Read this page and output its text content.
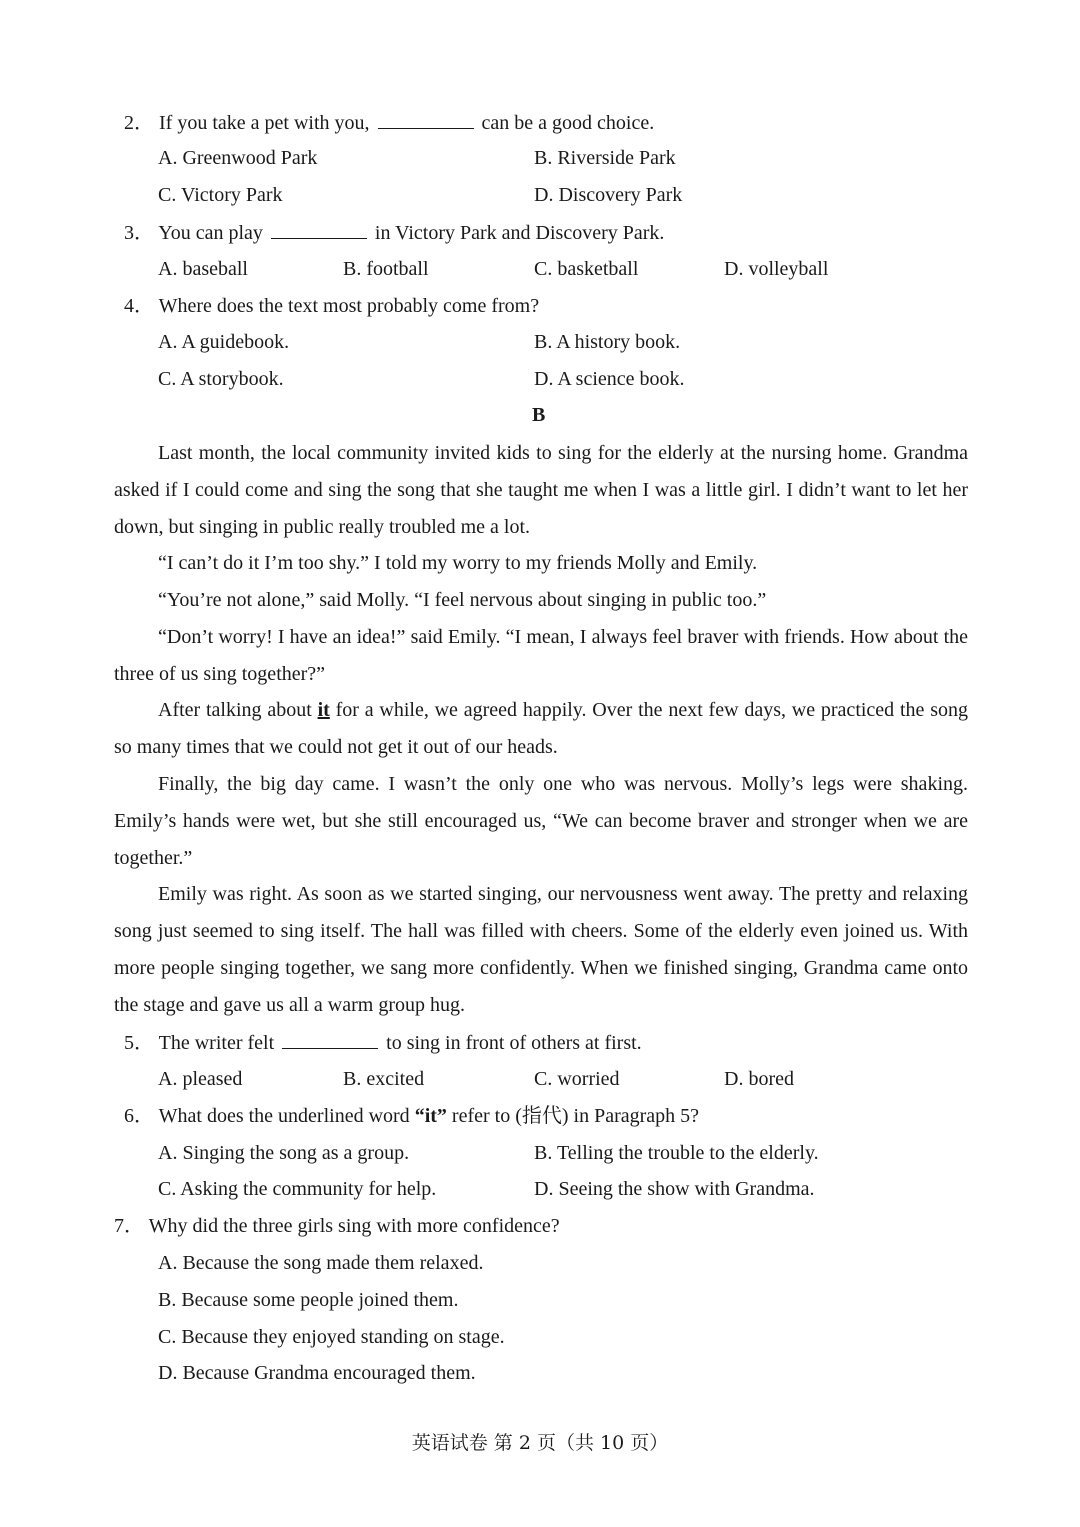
2． If you take a pet with you,	can be a good choice.
A. Greenwood Park	B. Riverside Park
C. Victory Park	D. Discovery Park
3． You can play	in Victory Park and Discovery Park.
A. baseball	B. football	C. basketball	D. volleyball
4． Where does the text most probably come from?
A. A guidebook.	B. A history book.
C. A storybook.	D. A science book.
B
Last month, the local community invited kids to sing for the elderly at the nursing home. Grandma asked if I could come and sing the song that she taught me when I was a little girl. I didn’t want to let her down, but singing in public really troubled me a lot.
“I can’t do it I’m too shy.” I told my worry to my friends Molly and Emily.
“You’re not alone,” said Molly. “I feel nervous about singing in public too.”
“Don’t worry! I have an idea!” said Emily. “I mean, I always feel braver with friends. How about the three of us sing together?”
After talking about it for a while, we agreed happily. Over the next few days, we practiced the song so many times that we could not get it out of our heads.
Finally, the big day came. I wasn’t the only one who was nervous. Molly’s legs were shaking. Emily’s hands were wet, but she still encouraged us, “We can become braver and stronger when we are together.”
Emily was right. As soon as we started singing, our nervousness went away. The pretty and relaxing song just seemed to sing itself. The hall was filled with cheers. Some of the elderly even joined us. With more people singing together, we sang more confidently. When we finished singing, Grandma came onto the stage and gave us all a warm group hug.
5． The writer felt	to sing in front of others at first.
A. pleased	B. excited	C. worried	D. bored
6． What does the underlined word “it” refer to (指代) in Paragraph 5?
A. Singing the song as a group.	B. Telling the trouble to the elderly.
C. Asking the community for help.	D. Seeing the show with Grandma.
7． Why did the three girls sing with more confidence?
A. Because the song made them relaxed.
B. Because some people joined them.
C. Because they enjoyed standing on stage.
D. Because Grandma encouraged them.
英语试卷 第 2 页（共 10 页）
